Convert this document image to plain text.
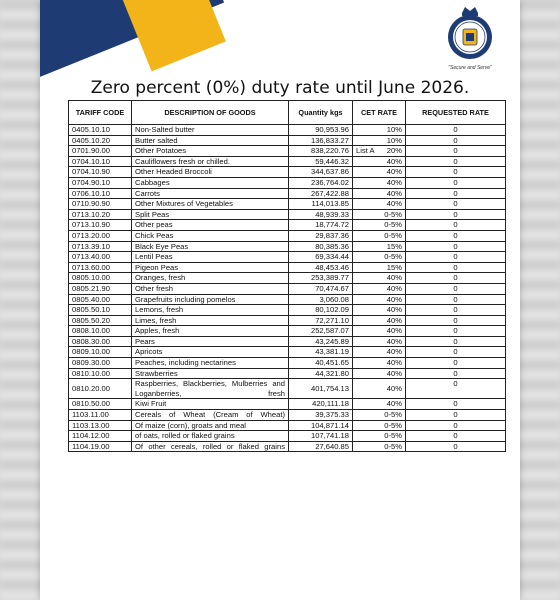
"Secure and Serve"
Zero percent (0%) duty rate until June 2026.
TARIFF CODE	DESCRIPTION OF GOODS	Quantity kgs	CET RATE	REQUESTED RATE
0405.10.10	Non-Salted butter	90,953.96	10%	0
0405.10.20	Butter salted	136,833.27	10%	0
0701.90.00	Other Potatoes	838,220.76	List A 20%	0
0704.10.10	Cauliflowers fresh or chilled.	59,446.32	40%	0
0704.10.90	Other Headed Broccoli	344,637.86	40%	0
0704.90.10	Cabbages	236,764.02	40%	0
0706.10.10	Carrots	267,422.88	40%	0
0710.90.90	Other Mixtures of Vegetables	114,013.85	40%	0
0713.10.20	Split Peas	48,939.33	0-5%	0
0713.10.90	Other peas	18,774.72	0-5%	0
0713.20.00	Chick Peas	29,837.36	0-5%	0
0713.39.10	Black Eye Peas	80,385.36	15%	0
0713.40.00	Lentil Peas	69,334.44	0-5%	0
0713.60.00	Pigeon Peas	48,453.46	15%	0
0805.10.00	Oranges, fresh	253,389.77	40%	0
0805.21.90	Other fresh	70,474.67	40%	0
0805.40.00	Grapefruits including pomelos	3,060.08	40%	0
0805.50.10	Lemons, fresh	80,102.09	40%	0
0805.50.20	Limes, fresh	72,271.10	40%	0
0808.10.00	Apples, fresh	252,587.07	40%	0
0808.30.00	Pears	43,245.89	40%	0
0809.10.00	Apricots	43,381.19	40%	0
0809.30.00	Peaches, including nectarines	40,451.65	40%	0
0810.10.00	Strawberries	44,321.80	40%	0
0810.20.00	Raspberries, Blackberries, Mulberries and Loganberries, fresh	401,754.13	40%	0
0810.50.00	Kiwi Fruit	420,111.18	40%	0
1103.11.00	Cereals of Wheat (Cream of Wheat)	39,375.33	0-5%	0
1103.13.00	Of maize (corn), groats and meal	104,871.14	0-5%	0
1104.12.00	of oats, rolled or flaked grains	107,741.18	0-5%	0
1104.19.00	Of other cereals, rolled or flaked grains	27,640.85	0-5%	0
